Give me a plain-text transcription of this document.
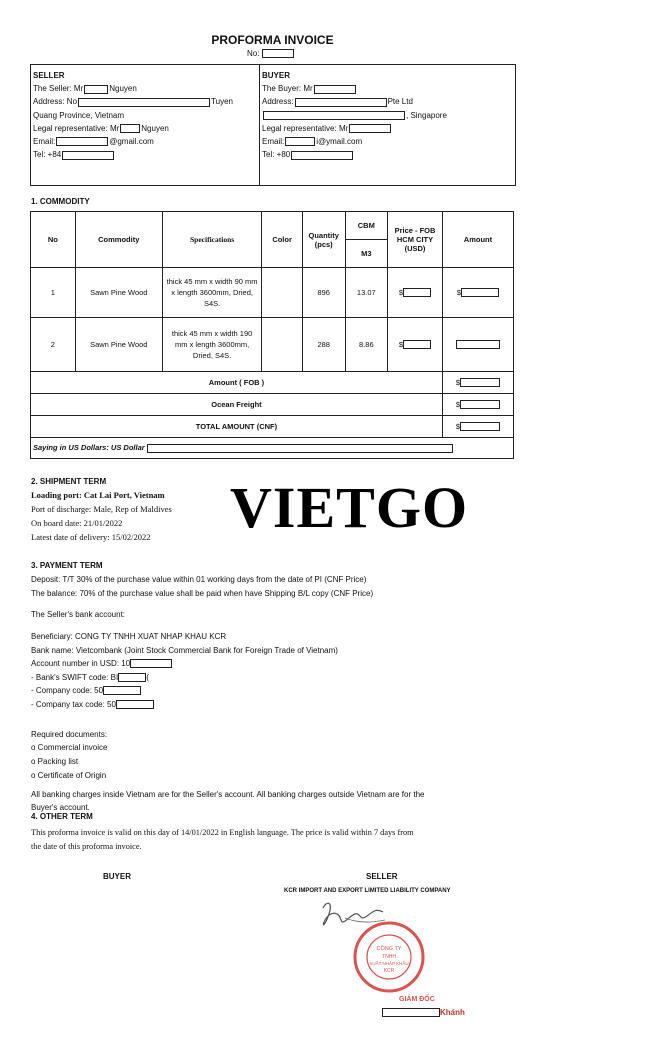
PROFORMA INVOICE
No:
SELLER
The Seller: Mr	Nguyen
Address: No	Tuyen
Quang Province, Vietnam
Legal representative: Mr	Nguyen
Email:	@gmail.com
Tel: +84
BUYER
The Buyer: Mr
Address:	Pte Ltd
, Singapore
Legal representative: Mr
Email:	i@ymail.com
Tel: +80
1. COMMODITY
No	Commodity	Specifications	Color	Quantity (pcs)	CBM	Price - FOB HCM CITY (USD)	Amount
					M3		
1	Sawn Pine Wood	thick 45 mm x width 90 mm x length 3600mm, Dried, S4S.		896	13.07	$	$
2	Sawn Pine Wood	thick 45 mm x width 190 mm x length 3600mm, Dried, S4S.		288	8.86	$	
Amount ( FOB )							$
Ocean Freight							$
TOTAL AMOUNT (CNF)							$
Saying in US Dollars: US Dollar							
2. SHIPMENT TERM
Loading port: Cat Lai Port, Vietnam
Port of discharge: Male, Rep of Maldives
On board date: 21/01/2022
Latest date of delivery: 15/02/2022 VIETGO
3. PAYMENT TERM
Deposit: T/T 30% of the purchase value within 01 working days from the date of PI (CNF Price)
The balance: 70% of the purchase value shall be paid when have Shipping B/L copy (CNF Price)
The Seller's bank account:
Beneficiary: CONG TY TNHH XUAT NHAP KHAU KCR
Bank name: Vietcombank (Joint Stock Commercial Bank for Foreign Trade of Vietnam)
Account number in USD: 10
- Bank's SWIFT code: BI	(
- Company code: 50
- Company tax code: 50
Required documents:
o Commercial invoice
o Packing list
o Certificate of Origin
All banking charges inside Vietnam are for the Seller's account. All banking charges outside Vietnam are for the
Buyer's account.
4. OTHER TERM
This proforma invoice is valid on this day of 14/01/2022 in English language. The price is valid within 7 days from
the date of this proforma invoice.
BUYER	SELLER
KCR IMPORT AND EXPORT LIMITED LIABILITY COMPANY
CÔNG TY
TNHH
XUẤT NHẬP KHẨU
KCR
GIÁM ĐỐC
Khánh
